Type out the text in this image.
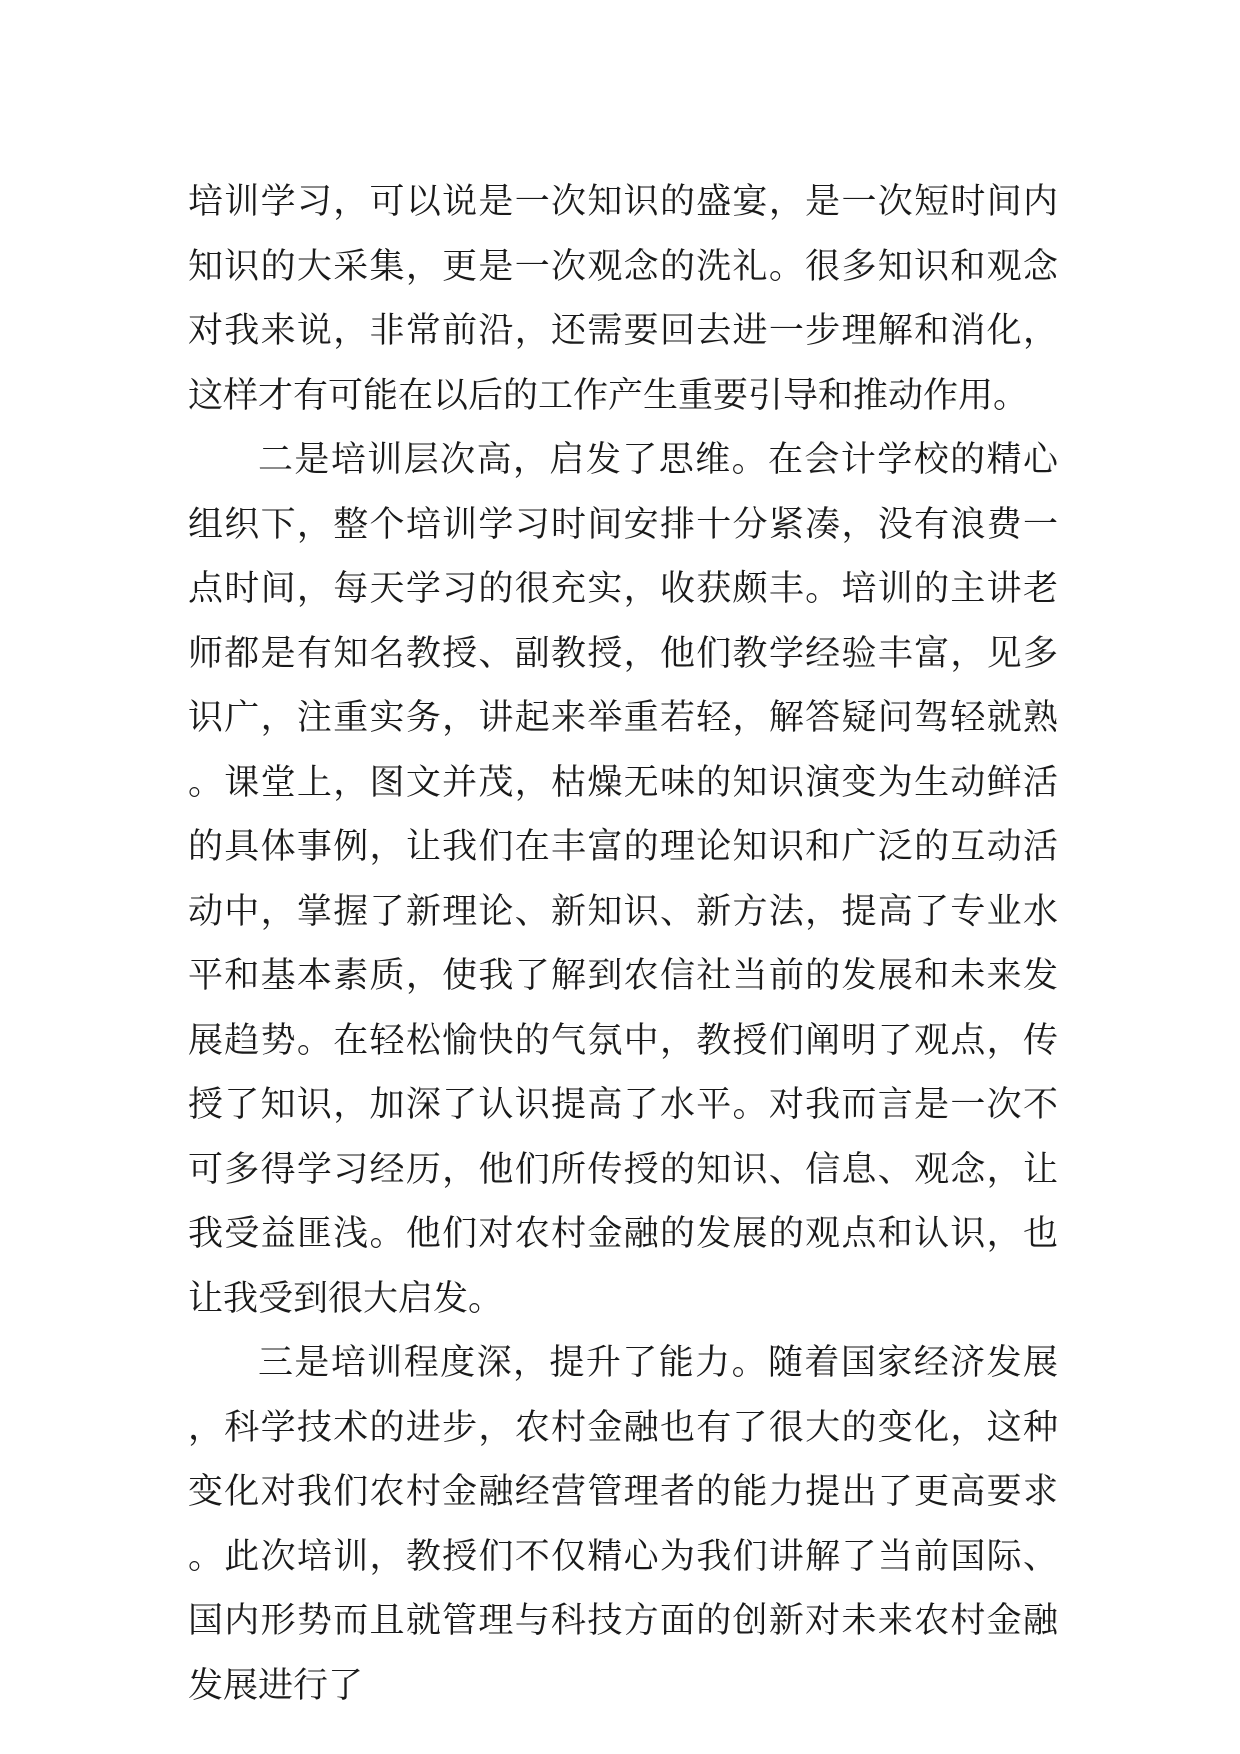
培训学习，可以说是一次知识的盛宴，是一次短时间内知识的大采集，更是一次观念的洗礼。很多知识和观念对我来说，非常前沿，还需要回去进一步理解和消化，这样才有可能在以后的工作产生重要引导和推动作用。

二是培训层次高，启发了思维。在会计学校的精心组织下，整个培训学习时间安排十分紧凑，没有浪费一点时间，每天学习的很充实，收获颇丰。培训的主讲老师都是有知名教授、副教授，他们教学经验丰富，见多识广，注重实务，讲起来举重若轻，解答疑问驾轻就熟。课堂上，图文并茂，枯燥无味的知识演变为生动鲜活的具体事例，让我们在丰富的理论知识和广泛的互动活动中，掌握了新理论、新知识、新方法，提高了专业水平和基本素质，使我了解到农信社当前的发展和未来发展趋势。在轻松愉快的气氛中，教授们阐明了观点，传授了知识，加深了认识提高了水平。对我而言是一次不可多得学习经历，他们所传授的知识、信息、观念，让我受益匪浅。他们对农村金融的发展的观点和认识，也让我受到很大启发。

三是培训程度深，提升了能力。随着国家经济发展，科学技术的进步，农村金融也有了很大的变化，这种变化对我们农村金融经营管理者的能力提出了更高要求。此次培训，教授们不仅精心为我们讲解了当前国际、国内形势而且就管理与科技方面的创新对未来农村金融发展进行了
